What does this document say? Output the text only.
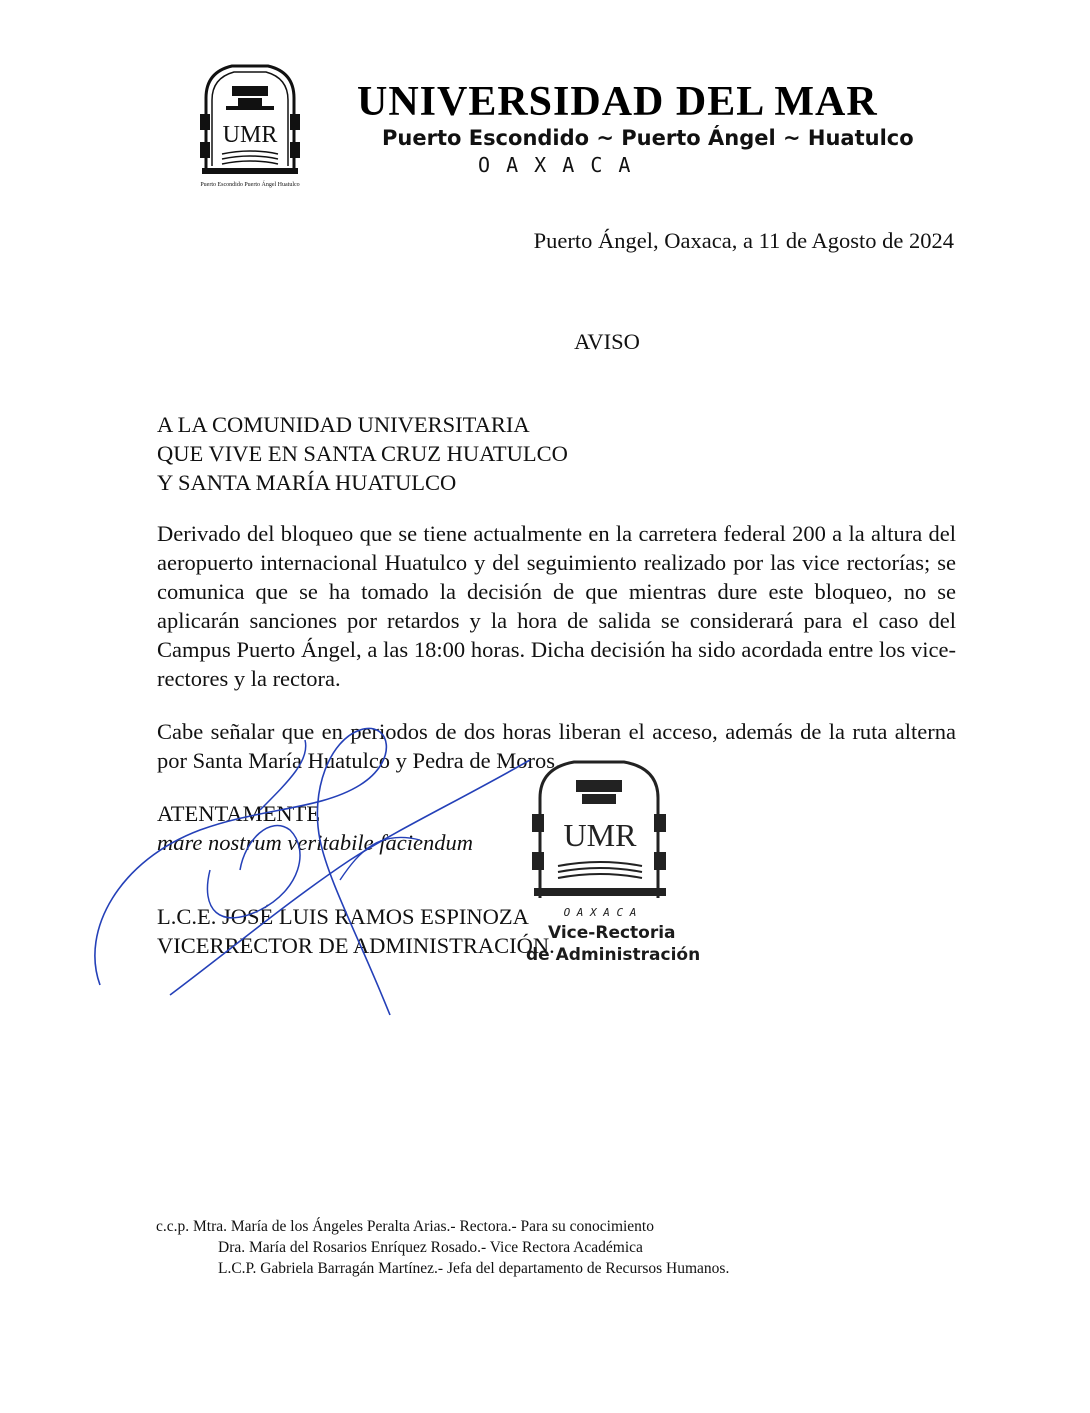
UMR
Puerto Escondido Puerto Ángel Huatulco
UNIVERSIDAD DEL MAR
Puerto Escondido ~ Puerto Ángel ~ Huatulco
O A X A C A
Puerto Ángel, Oaxaca, a 11 de Agosto de 2024
AVISO
A LA COMUNIDAD UNIVERSITARIA
QUE VIVE EN SANTA CRUZ HUATULCO
Y SANTA MARÍA HUATULCO
Derivado del bloqueo que se tiene actualmente en la carretera federal 200 a la altura del aeropuerto internacional Huatulco y del seguimiento realizado por las vice rectorías; se comunica que se ha tomado la decisión de que mientras dure este bloqueo, no se aplicarán sanciones por retardos y la hora de salida se considerará para el caso del Campus Puerto Ángel, a las 18:00 horas. Dicha decisión ha sido acordada entre los vice-rectores y la rectora.
Cabe señalar que en periodos de dos horas liberan el acceso, además de la ruta alterna por Santa María Huatulco y Pedra de Moros.
ATENTAMENTE
mare nostrum veritabile faciendum
L.C.E. JOSÉ LUIS RAMOS ESPINOZA
VICERRECTOR DE ADMINISTRACIÓN.
UMR
O A X A C A
Vice-Rectoria
de Administración
c.c.p. Mtra. María de los Ángeles Peralta Arias.- Rectora.- Para su conocimiento
Dra. María del Rosarios Enríquez Rosado.- Vice Rectora Académica
L.C.P. Gabriela Barragán Martínez.- Jefa del departamento de Recursos Humanos.
